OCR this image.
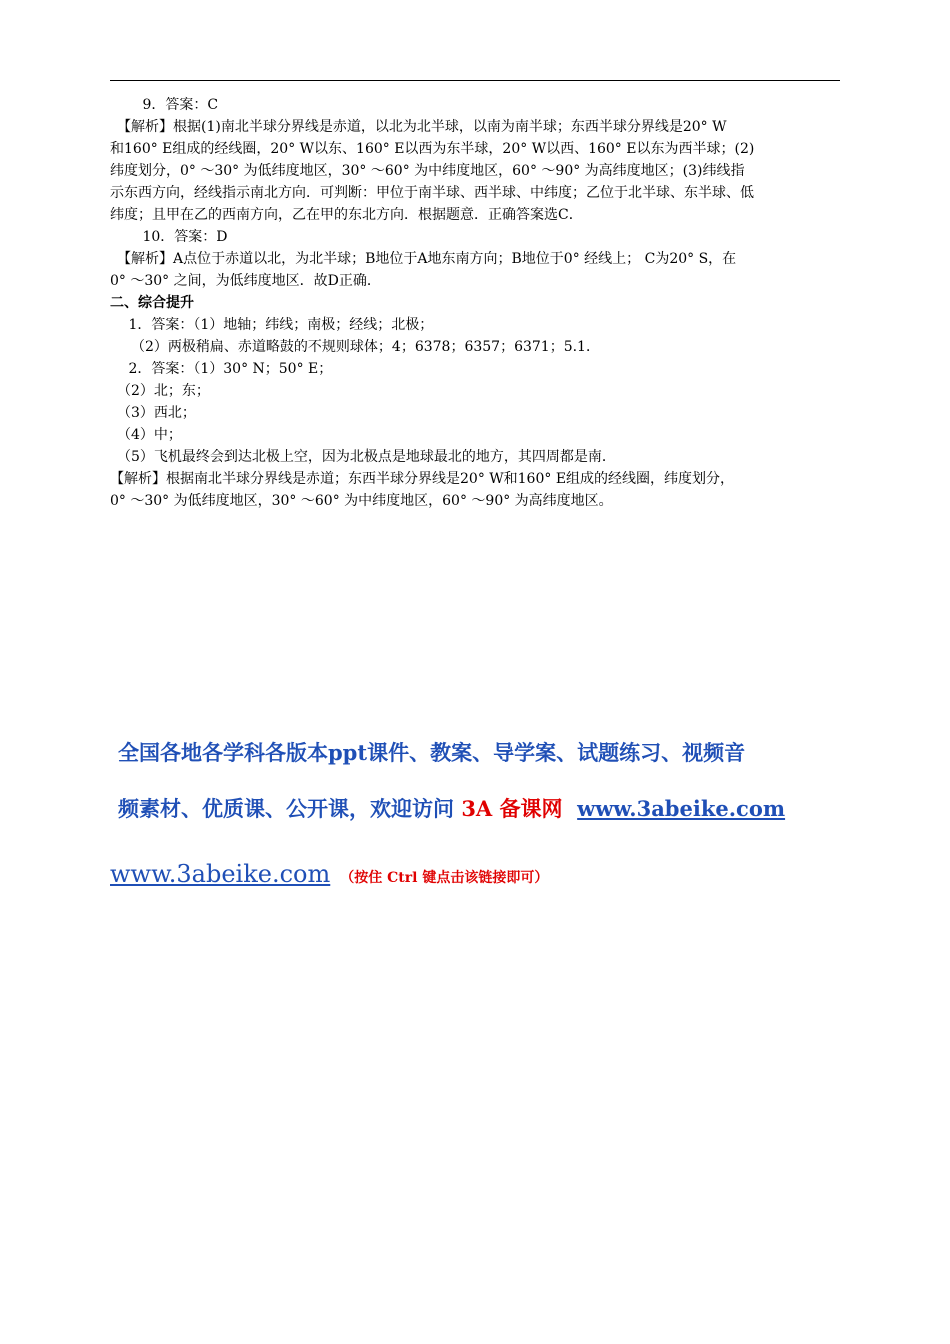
　 　9．答案：C
　【解析】根据(1)南北半球分界线是赤道，以北为北半球，以南为南半球；东西半球分界线是20° W
和160° E组成的经线圈，20° W以东、160° E以西为东半球，20° W以西、160° E以东为西半球；(2)
纬度划分，0° ～30° 为低纬度地区，30° ～60° 为中纬度地区，60° ～90° 为高纬度地区；(3)纬线指
示东西方向，经线指示南北方向．可判断：甲位于南半球、西半球、中纬度；乙位于北半球、东半球、低
纬度；且甲在乙的西南方向，乙在甲的东北方向．根据题意．正确答案选C．
　 　10．答案：D
　【解析】A点位于赤道以北，为北半球；B地位于A地东南方向；B地位于0° 经线上； C为20° S，在
0° ～30° 之间，为低纬度地区．故D正确．
二、综合提升
　 1．答案：（1）地轴；纬线；南极；经线；北极；
　　（2）两极稍扁、赤道略鼓的不规则球体；4；6378；6357；6371；5.1．
　 2．答案：（1）30° N；50° E；
　（2）北；东；
　（3）西北；
　（4）中；
　（5）飞机最终会到达北极上空，因为北极点是地球最北的地方，其四周都是南．
【解析】根据南北半球分界线是赤道；东西半球分界线是20° W和160° E组成的经线圈，纬度划分，
0° ～30° 为低纬度地区，30° ～60° 为中纬度地区，60° ～90° 为高纬度地区。
全国各地各学科各版本ppt课件、教案、导学案、试题练习、视频音
频素材、优质课、公开课，欢迎访问 3A 备课网 www.3abeike.com
www.3abeike.com （按住 Ctrl 键点击该链接即可）
